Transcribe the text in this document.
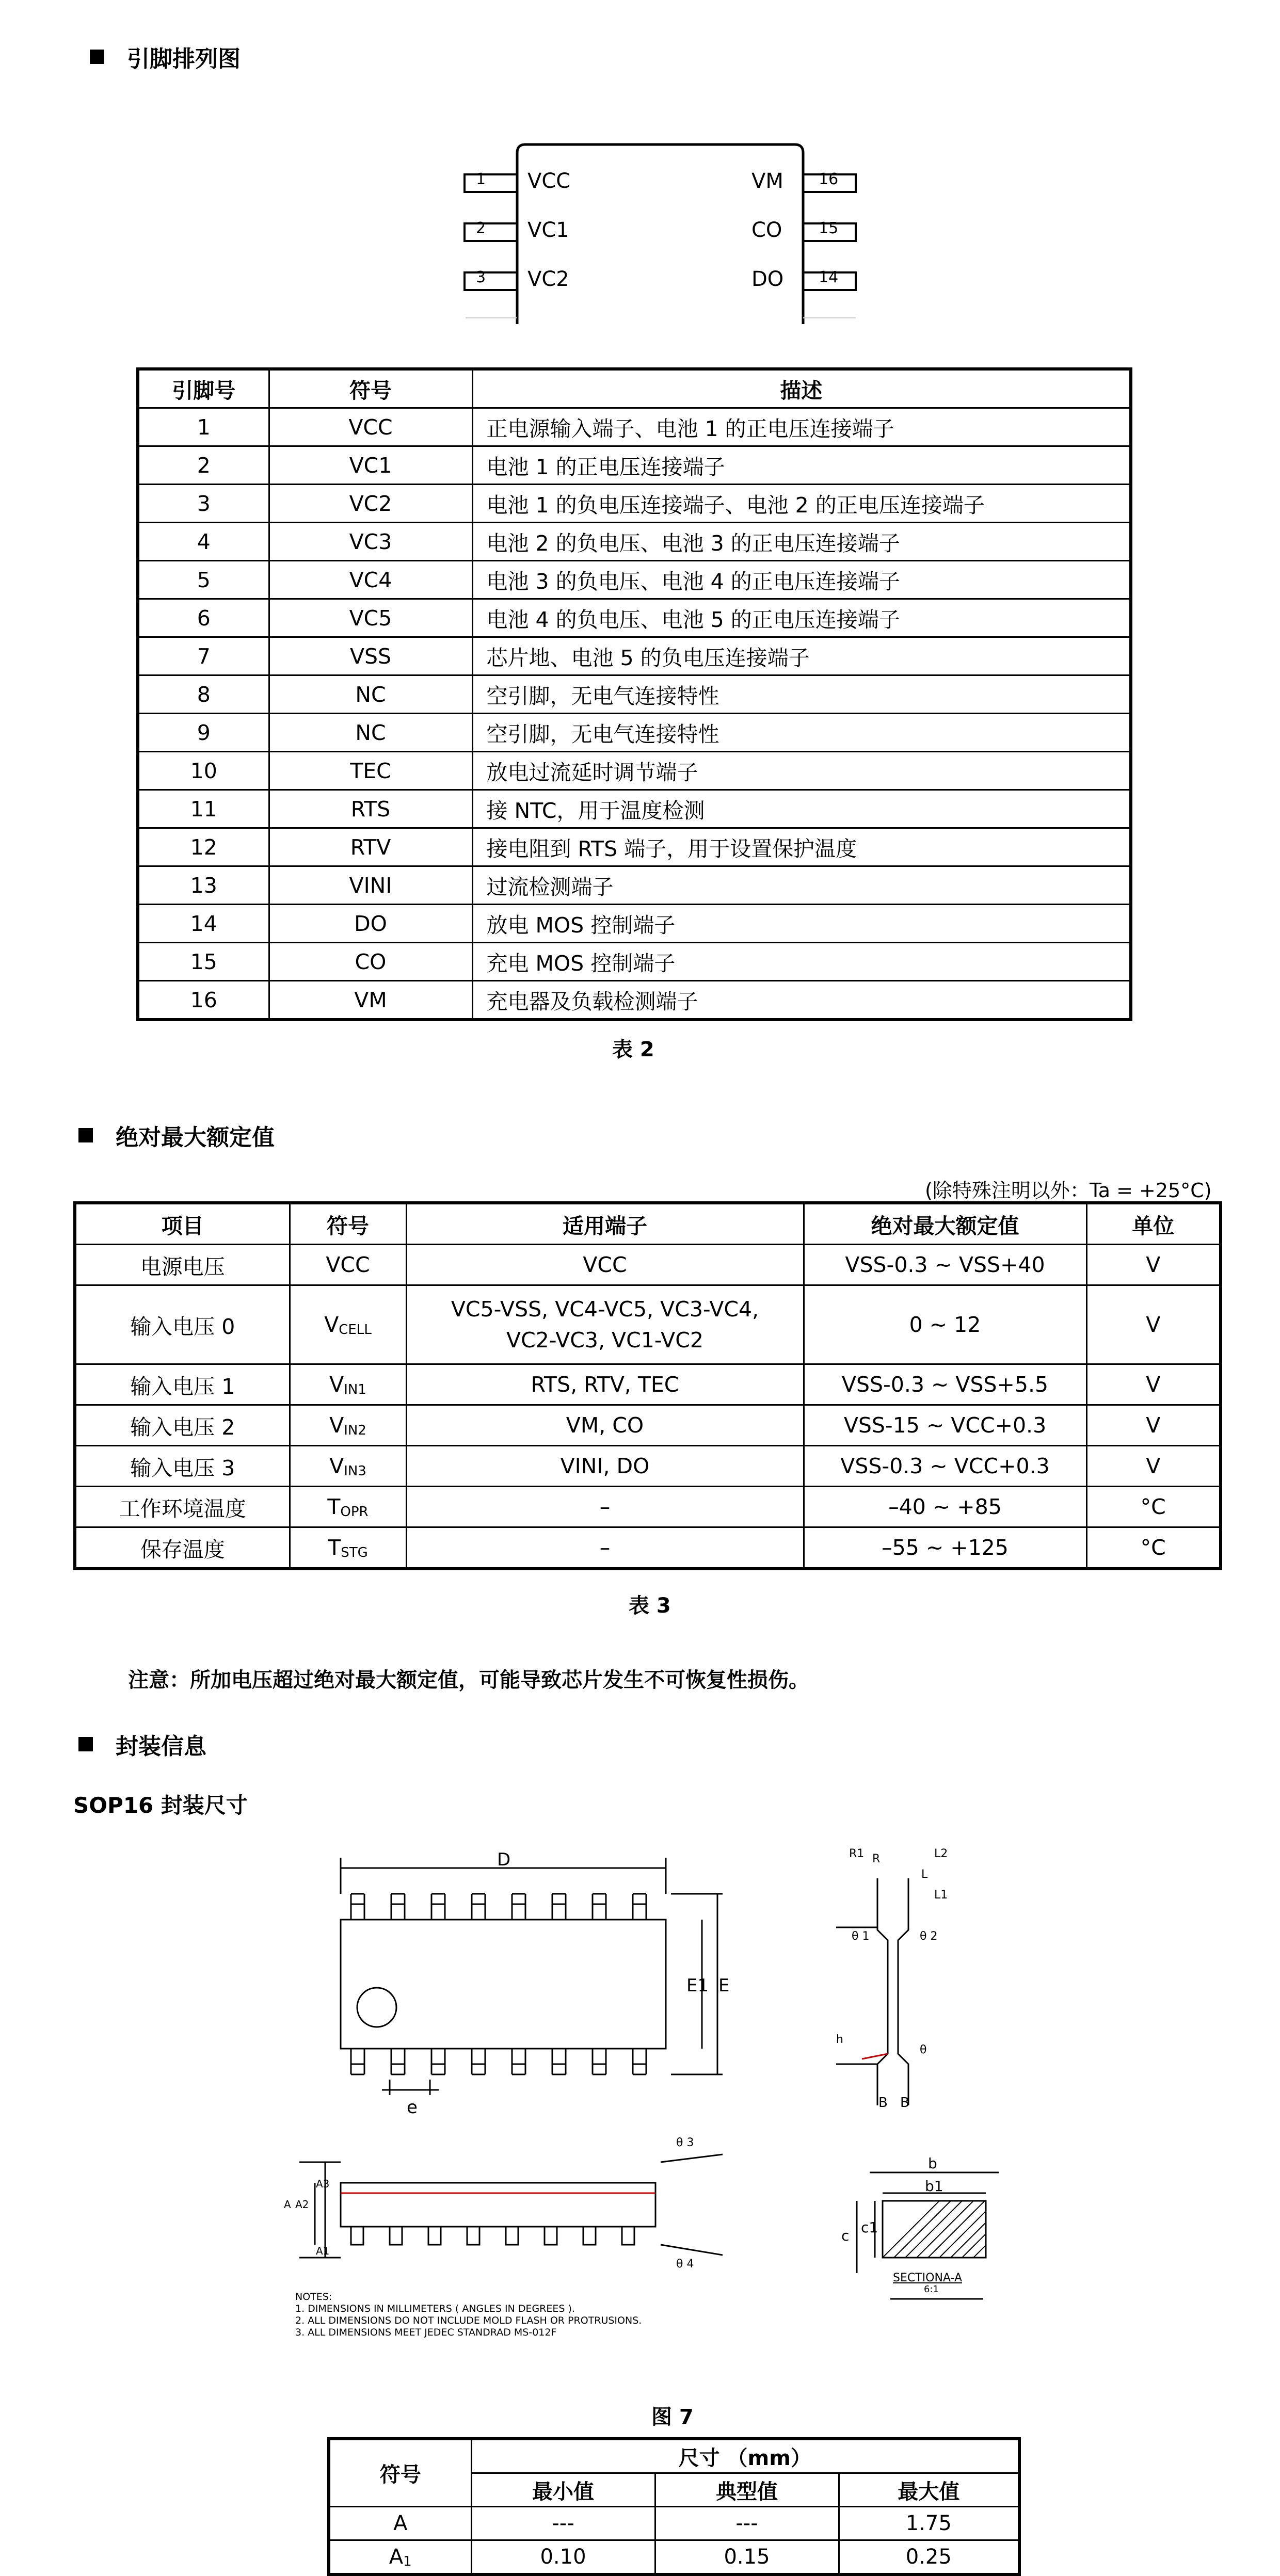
引脚排列图
1 VCC
2 VC1
3 VC2
VM 16
CO 15
DO 14
引脚号	符号	描述
1	VCC	正电源输入端子、电池 1 的正电压连接端子
2	VC1	电池 1 的正电压连接端子
3	VC2	电池 1 的负电压连接端子、电池 2 的正电压连接端子
4	VC3	电池 2 的负电压、电池 3 的正电压连接端子
5	VC4	电池 3 的负电压、电池 4 的正电压连接端子
6	VC5	电池 4 的负电压、电池 5 的正电压连接端子
7	VSS	芯片地、电池 5 的负电压连接端子
8	NC	空引脚，无电气连接特性
9	NC	空引脚，无电气连接特性
10	TEC	放电过流延时调节端子
11	RTS	接 NTC，用于温度检测
12	RTV	接电阻到 RTS 端子，用于设置保护温度
13	VINI	过流检测端子
14	DO	放电 MOS 控制端子
15	CO	充电 MOS 控制端子
16	VM	充电器及负载检测端子
表 2
绝对最大额定值
(除特殊注明以外：Ta = +25°C)
项目	符号	适用端子	绝对最大额定值	单位
电源电压	VCC	VCC	VSS-0.3 ~ VSS+40	V
输入电压 0	$V_{CELL}$	VC5-VSS, VC4-VC5, VC3-VC4, VC2-VC3, VC1-VC2	0 ~ 12	V
输入电压 1	$V_{IN1}$	RTS, RTV, TEC	VSS-0.3 ~ VSS+5.5	V
输入电压 2	$V_{IN2}$	VM, CO	VSS-15 ~ VCC+0.3	V
输入电压 3	$V_{IN3}$	VINI, DO	VSS-0.3 ~ VCC+0.3	V
工作环境温度	$T_{OPR}$	–	–40 ~ +85	°C
保存温度	$T_{STG}$	–	–55 ~ +125	°C
表 3
注意：所加电压超过绝对最大额定值，可能导致芯片发生不可恢复性损伤。
封装信息
SOP16 封装尺寸
D
E1 E
e
A A2
A3
A1
θ 3
θ 4
θ 1	θ 2
θ
R
R1
L
L1
L2
h
B B
b
b1
c c1
SECTIONA-A
6:1
NOTES:
1. DIMENSIONS IN MILLIMETERS ( ANGLES IN DEGREES ).
2. ALL DIMENSIONS DO NOT INCLUDE MOLD FLASH OR PROTRUSIONS.
3. ALL DIMENSIONS MEET JEDEC STANDRAD MS-012F
图 7
符号	尺寸 （mm）		
	最小值	典型值	最大值
A	---	---	1.75
$A_1$	0.10	0.15	0.25
